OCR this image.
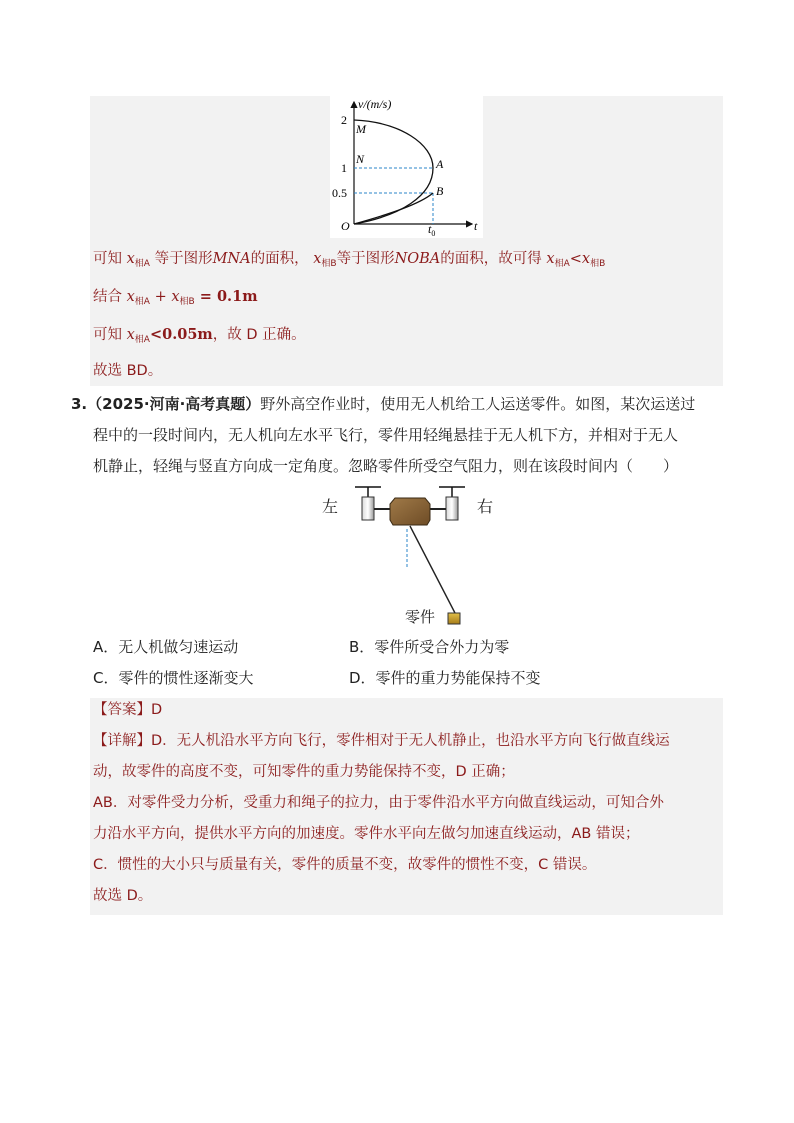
v/(m/s)
2
M
N
1	A
0.5	B
O	$t_0$
t
可知 $x_{相A}$ 等于图形MNA的面积， $x_{相B}$等于图形NOBA的面积，故可得 $x_{相A}<x_{相B}$
结合 $x_{相A} + x_{相B} = 0.1m$
可知 $x_{相A}<0.05m$，故 D 正确。
故选 BD。
3.（2025·河南·高考真题）野外高空作业时，使用无人机给工人运送零件。如图，某次运送过
程中的一段时间内，无人机向左水平飞行，零件用轻绳悬挂于无人机下方，并相对于无人
机静止，轻绳与竖直方向成一定角度。忽略零件所受空气阻力，则在该段时间内（　　）
左	右
零件
A．无人机做匀速运动	B．零件所受合外力为零
C．零件的惯性逐渐变大	D．零件的重力势能保持不变
【答案】D
【详解】D．无人机沿水平方向飞行，零件相对于无人机静止，也沿水平方向飞行做直线运
动，故零件的高度不变，可知零件的重力势能保持不变，D 正确；
AB．对零件受力分析，受重力和绳子的拉力，由于零件沿水平方向做直线运动，可知合外
力沿水平方向，提供水平方向的加速度。零件水平向左做匀加速直线运动，AB 错误；
C．惯性的大小只与质量有关，零件的质量不变，故零件的惯性不变，C 错误。
故选 D。
